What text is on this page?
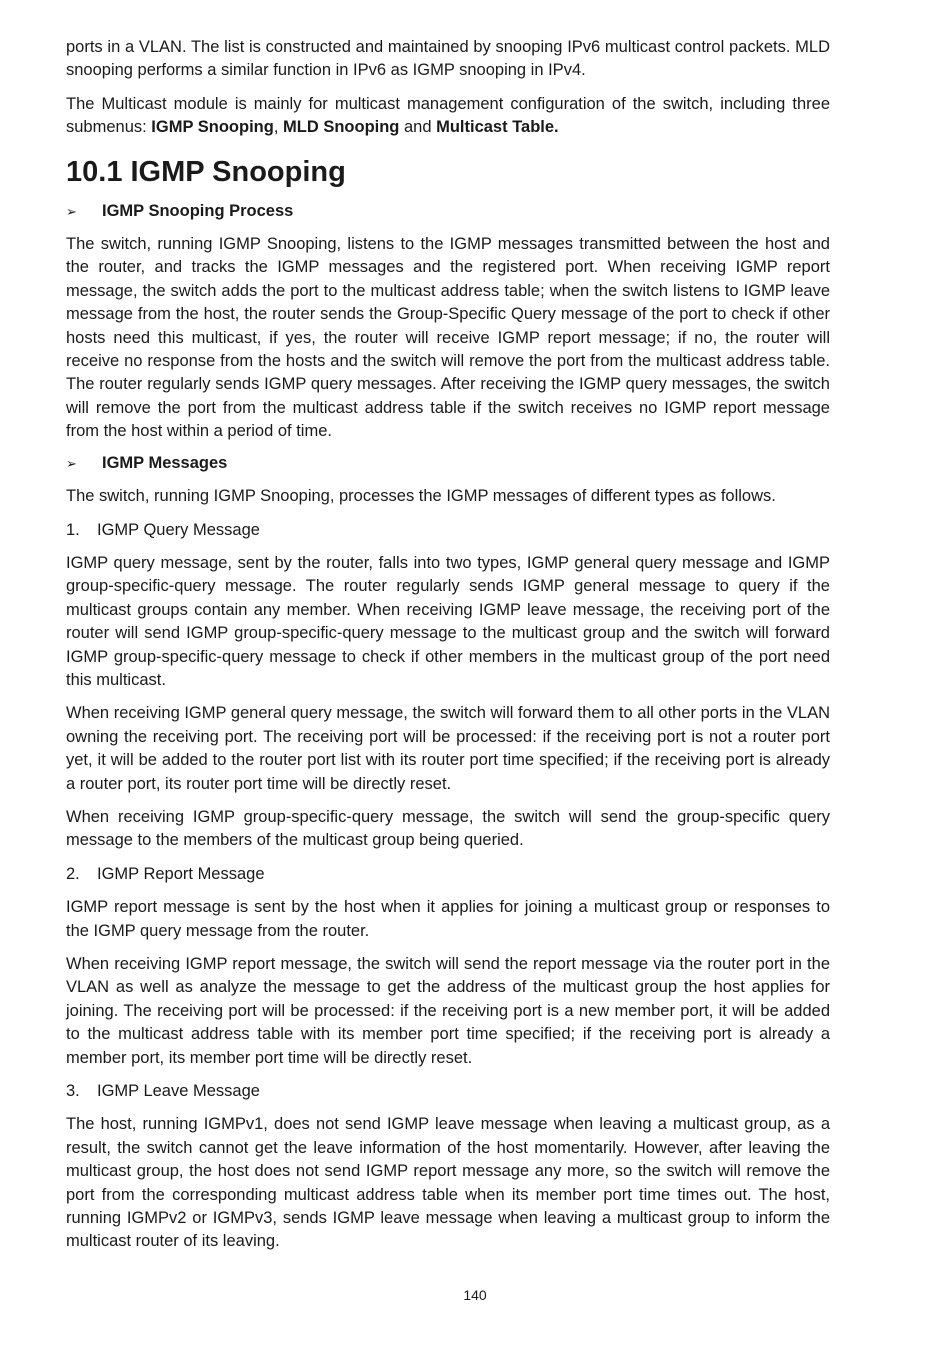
ports in a VLAN. The list is constructed and maintained by snooping IPv6 multicast control packets. MLD snooping performs a similar function in IPv6 as IGMP snooping in IPv4.

The Multicast module is mainly for multicast management configuration of the switch, including three submenus: IGMP Snooping, MLD Snooping and Multicast Table.

10.1 IGMP Snooping
➢	IGMP Snooping Process

The switch, running IGMP Snooping, listens to the IGMP messages transmitted between the host and the router, and tracks the IGMP messages and the registered port. When receiving IGMP report message, the switch adds the port to the multicast address table; when the switch listens to IGMP leave message from the host, the router sends the Group-Specific Query message of the port to check if other hosts need this multicast, if yes, the router will receive IGMP report message; if no, the router will receive no response from the hosts and the switch will remove the port from the multicast address table. The router regularly sends IGMP query messages. After receiving the IGMP query messages, the switch will remove the port from the multicast address table if the switch receives no IGMP report message from the host within a period of time.

➢	IGMP Messages

The switch, running IGMP Snooping, processes the IGMP messages of different types as follows.

1.	IGMP Query Message

IGMP query message, sent by the router, falls into two types, IGMP general query message and IGMP group-specific-query message. The router regularly sends IGMP general message to query if the multicast groups contain any member. When receiving IGMP leave message, the receiving port of the router will send IGMP group-specific-query message to the multicast group and the switch will forward IGMP group-specific-query message to check if other members in the multicast group of the port need this multicast.

When receiving IGMP general query message, the switch will forward them to all other ports in the VLAN owning the receiving port. The receiving port will be processed: if the receiving port is not a router port yet, it will be added to the router port list with its router port time specified; if the receiving port is already a router port, its router port time will be directly reset.

When receiving IGMP group-specific-query message, the switch will send the group-specific query message to the members of the multicast group being queried.

2.	IGMP Report Message

IGMP report message is sent by the host when it applies for joining a multicast group or responses to the IGMP query message from the router.

When receiving IGMP report message, the switch will send the report message via the router port in the VLAN as well as analyze the message to get the address of the multicast group the host applies for joining. The receiving port will be processed: if the receiving port is a new member port, it will be added to the multicast address table with its member port time specified; if the receiving port is already a member port, its member port time will be directly reset.

3.	IGMP Leave Message

The host, running IGMPv1, does not send IGMP leave message when leaving a multicast group, as a result, the switch cannot get the leave information of the host momentarily. However, after leaving the multicast group, the host does not send IGMP report message any more, so the switch will remove the port from the corresponding multicast address table when its member port time times out. The host, running IGMPv2 or IGMPv3, sends IGMP leave message when leaving a multicast group to inform the multicast router of its leaving.

140
